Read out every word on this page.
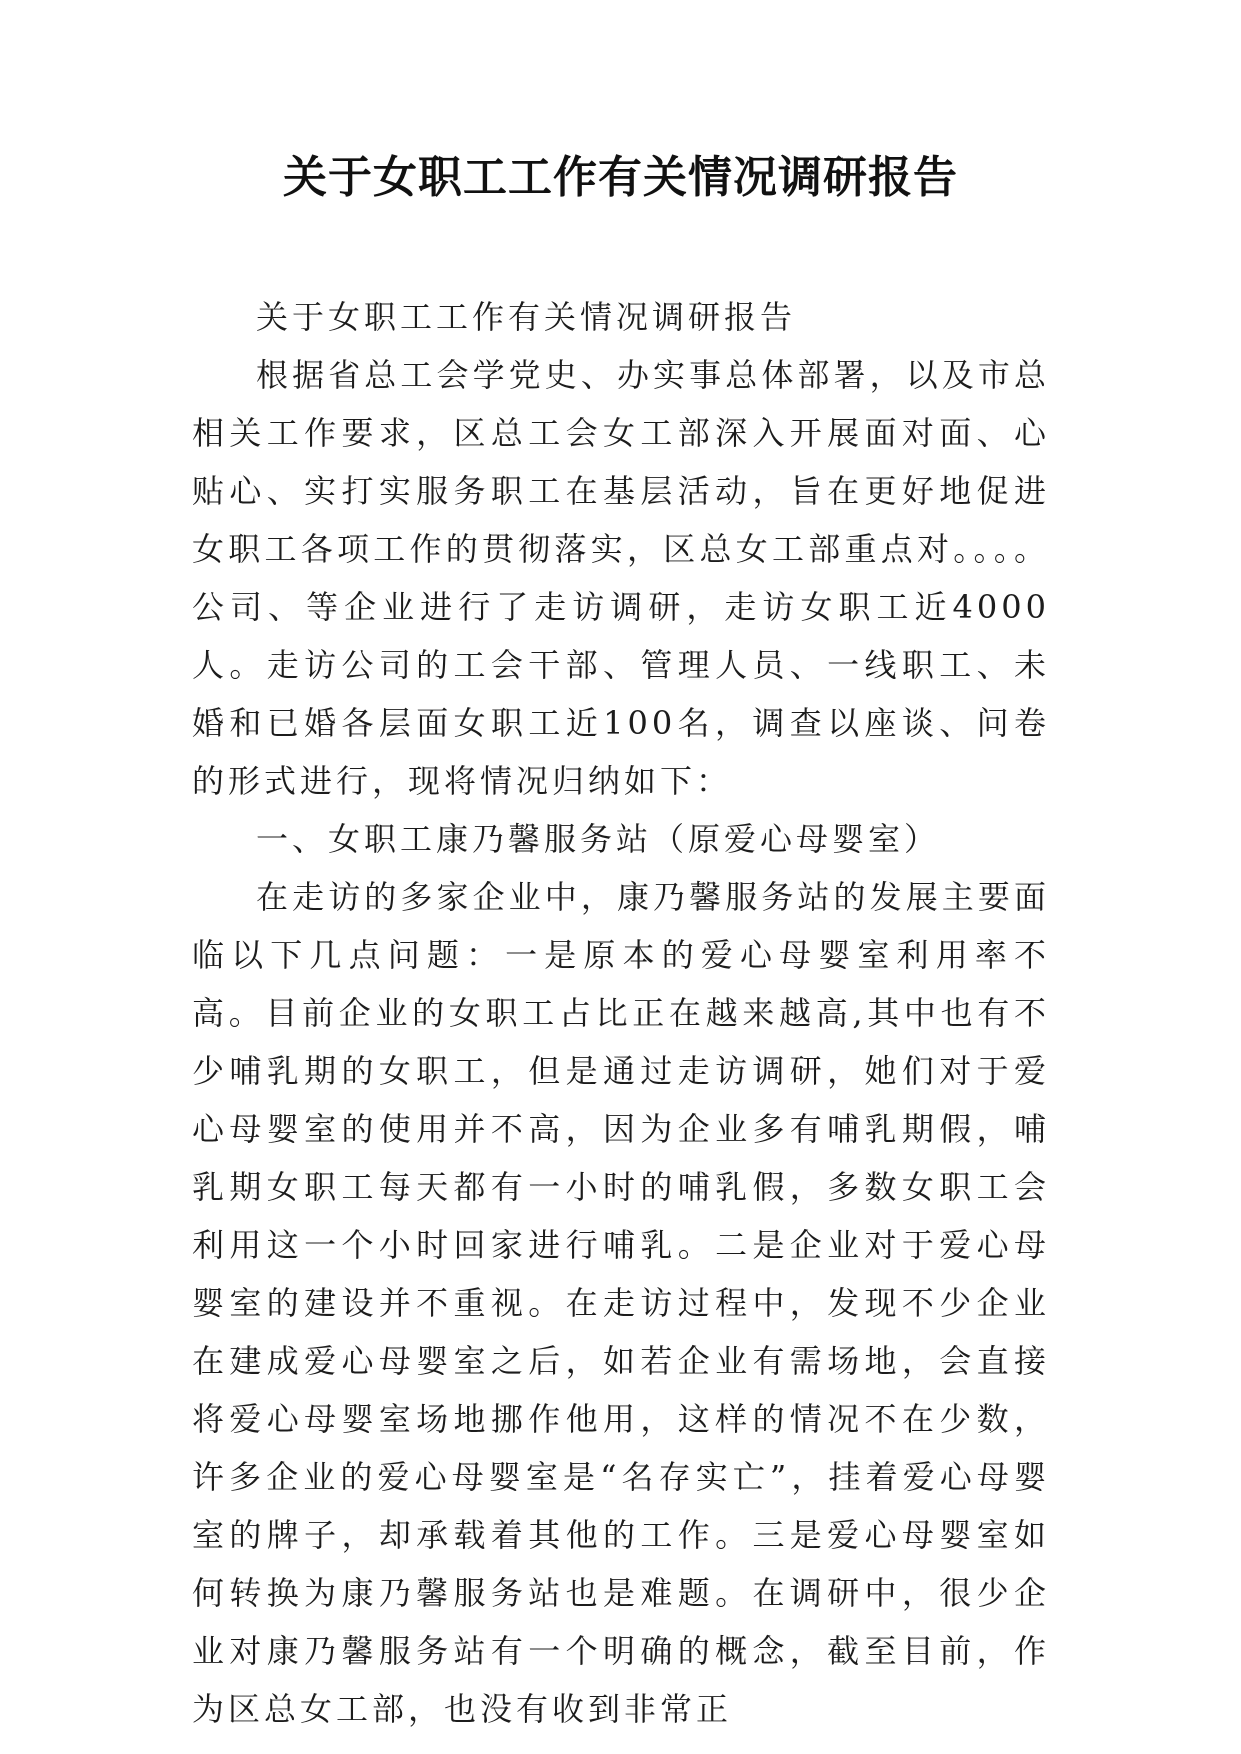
关于女职工工作有关情况调研报告

关于女职工工作有关情况调研报告

根据省总工会学党史、办实事总体部署，以及市总相关工作要求，区总工会女工部深入开展面对面、心贴心、实打实服务职工在基层活动，旨在更好地促进女职工各项工作的贯彻落实，区总女工部重点对。。。。公司、等企业进行了走访调研，走访女职工近4000人。走访公司的工会干部、管理人员、一线职工、未婚和已婚各层面女职工近100名，调查以座谈、问卷的形式进行，现将情况归纳如下：

一、女职工康乃馨服务站（原爱心母婴室）

在走访的多家企业中，康乃馨服务站的发展主要面临以下几点问题：一是原本的爱心母婴室利用率不高。目前企业的女职工占比正在越来越高,其中也有不少哺乳期的女职工，但是通过走访调研，她们对于爱心母婴室的使用并不高，因为企业多有哺乳期假，哺乳期女职工每天都有一小时的哺乳假，多数女职工会利用这一个小时回家进行哺乳。二是企业对于爱心母婴室的建设并不重视。在走访过程中，发现不少企业在建成爱心母婴室之后，如若企业有需场地，会直接将爱心母婴室场地挪作他用，这样的情况不在少数，许多企业的爱心母婴室是“名存实亡”，挂着爱心母婴室的牌子，却承载着其他的工作。三是爱心母婴室如何转换为康乃馨服务站也是难题。在调研中，很少企业对康乃馨服务站有一个明确的概念，截至目前，作为区总女工部，也没有收到非常正
